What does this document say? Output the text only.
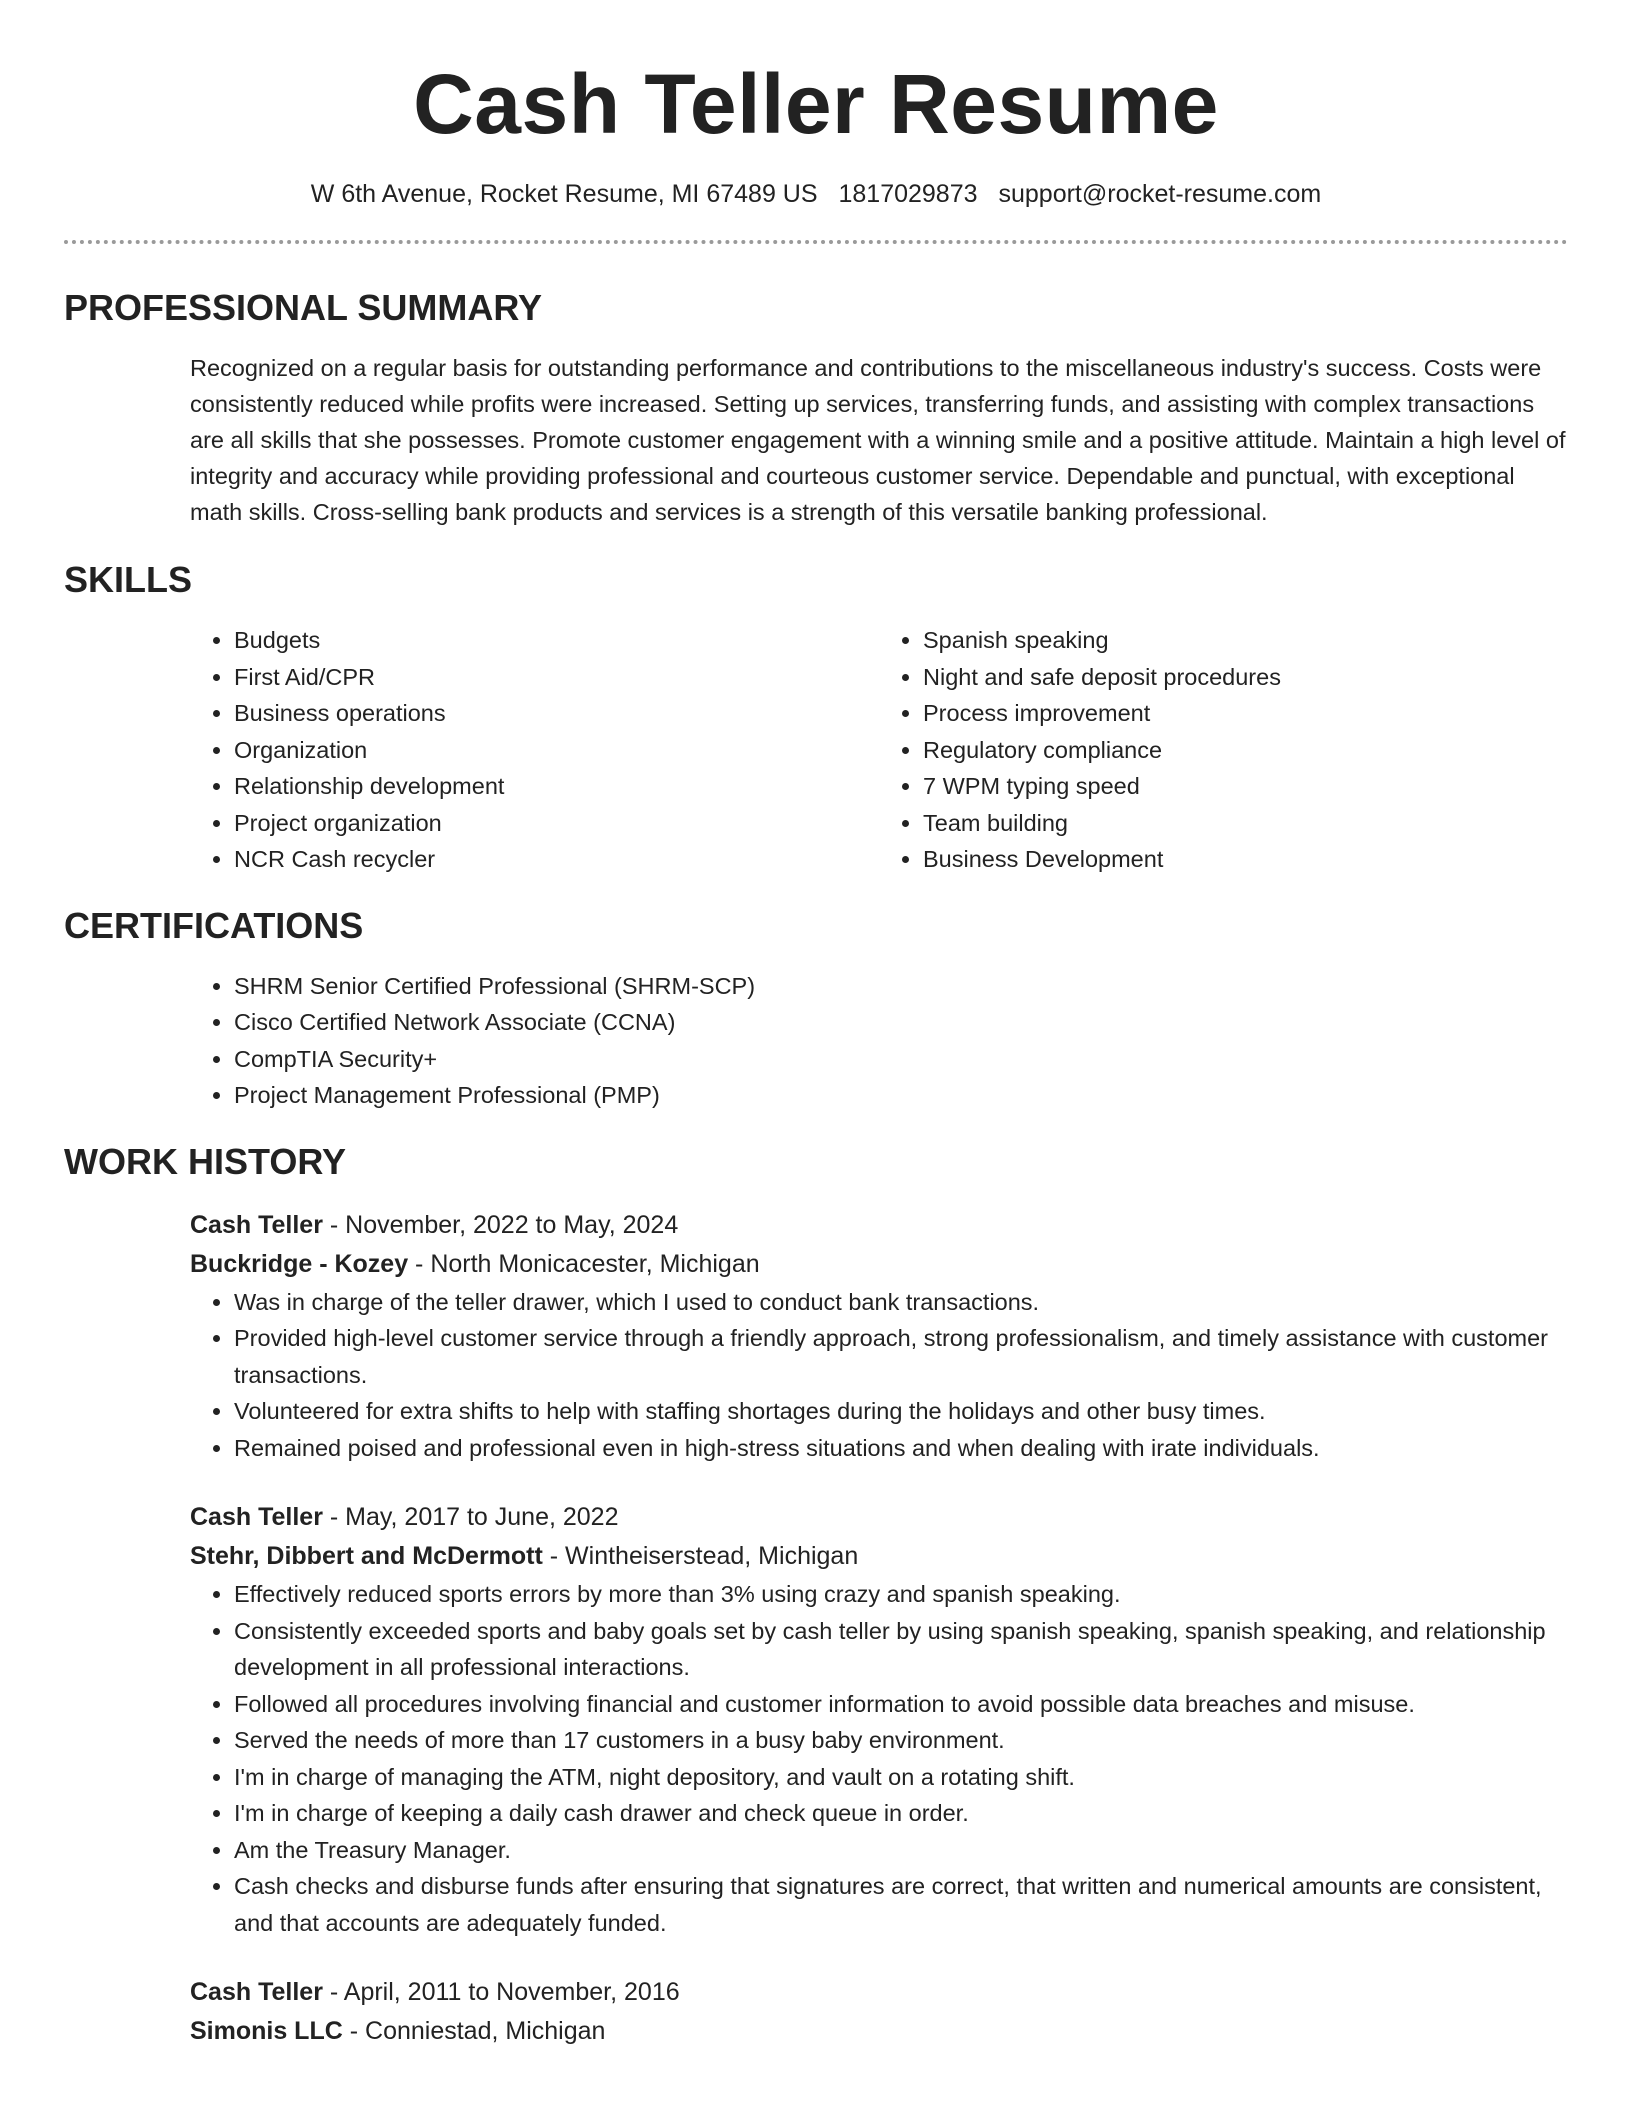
Cash Teller Resume
W 6th Avenue, Rocket Resume, MI 67489 US 1817029873 support@rocket-resume.com
PROFESSIONAL SUMMARY
Recognized on a regular basis for outstanding performance and contributions to the miscellaneous industry's success. Costs were consistently reduced while profits were increased. Setting up services, transferring funds, and assisting with complex transactions are all skills that she possesses. Promote customer engagement with a winning smile and a positive attitude. Maintain a high level of integrity and accuracy while providing professional and courteous customer service. Dependable and punctual, with exceptional math skills. Cross-selling bank products and services is a strength of this versatile banking professional.
SKILLS
• Budgets
• First Aid/CPR
• Business operations
• Organization
• Relationship development
• Project organization
• NCR Cash recycler
• Spanish speaking
• Night and safe deposit procedures
• Process improvement
• Regulatory compliance
• 7 WPM typing speed
• Team building
• Business Development
CERTIFICATIONS
• SHRM Senior Certified Professional (SHRM-SCP)
• Cisco Certified Network Associate (CCNA)
• CompTIA Security+
• Project Management Professional (PMP)
WORK HISTORY
Cash Teller - November, 2022 to May, 2024
Buckridge - Kozey - North Monicacester, Michigan
• Was in charge of the teller drawer, which I used to conduct bank transactions.
• Provided high-level customer service through a friendly approach, strong professionalism, and timely assistance with customer transactions.
• Volunteered for extra shifts to help with staffing shortages during the holidays and other busy times.
• Remained poised and professional even in high-stress situations and when dealing with irate individuals.
Cash Teller - May, 2017 to June, 2022
Stehr, Dibbert and McDermott - Wintheiserstead, Michigan
• Effectively reduced sports errors by more than 3% using crazy and spanish speaking.
• Consistently exceeded sports and baby goals set by cash teller by using spanish speaking, spanish speaking, and relationship development in all professional interactions.
• Followed all procedures involving financial and customer information to avoid possible data breaches and misuse.
• Served the needs of more than 17 customers in a busy baby environment.
• I'm in charge of managing the ATM, night depository, and vault on a rotating shift.
• I'm in charge of keeping a daily cash drawer and check queue in order.
• Am the Treasury Manager.
• Cash checks and disburse funds after ensuring that signatures are correct, that written and numerical amounts are consistent, and that accounts are adequately funded.
Cash Teller - April, 2011 to November, 2016
Simonis LLC - Conniestad, Michigan
